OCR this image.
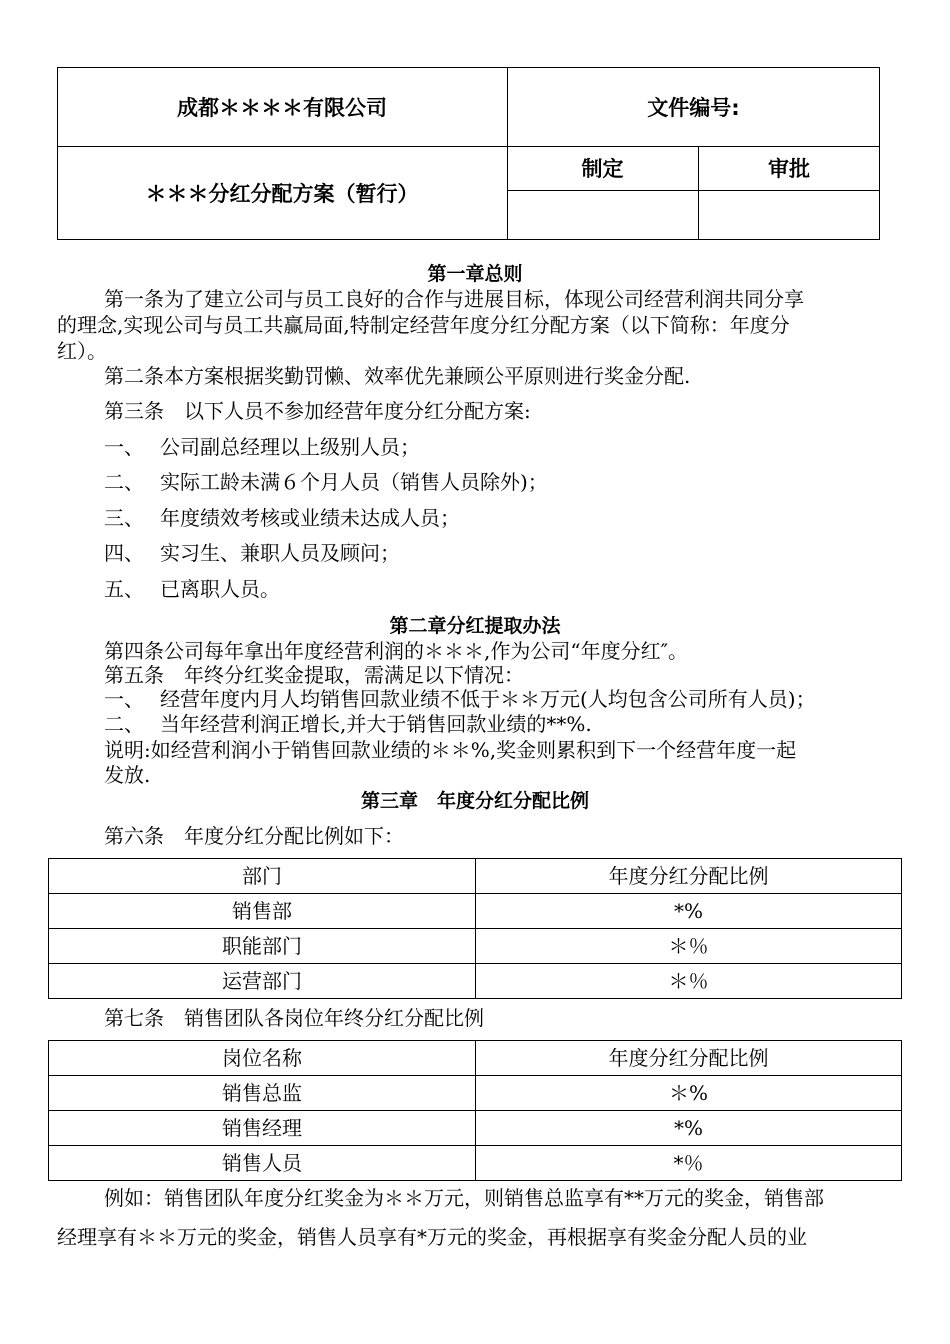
成都＊＊＊＊有限公司	文件编号:
＊＊＊分红分配方案（暂行）
制定	审批
第一章总则
第一条为了建立公司与员工良好的合作与进展目标，体现公司经营利润共同分享
的理念,实现公司与员工共赢局面,特制定经营年度分红分配方案（以下简称：年度分
红）。
第二条本方案根据奖勤罚懒、效率优先兼顾公平原则进行奖金分配.
第三条　以下人员不参加经营年度分红分配方案:
一、 公司副总经理以上级别人员；
二、 实际工龄未满６个月人员（销售人员除外)；
三、 年度绩效考核或业绩未达成人员；
四、 实习生、兼职人员及顾问；
五、 已离职人员。
第二章分红提取办法
第四条公司每年拿出年度经营利润的＊＊＊,作为公司“年度分红″。
第五条　年终分红奖金提取，需满足以下情况：
一、 经营年度内月人均销售回款业绩不低于＊＊万元(人均包含公司所有人员)；
二、 当年经营利润正增长,并大于销售回款业绩的**%.
说明:如经营利润小于销售回款业绩的＊＊%,奖金则累积到下一个经营年度一起
发放.
第三章　年度分红分配比例
第六条　年度分红分配比例如下：
部门	年度分红分配比例
销售部	*%
职能部门	＊％
运营部门	＊％
第七条　销售团队各岗位年终分红分配比例
岗位名称	年度分红分配比例
销售总监	＊%
销售经理	*%
销售人员	*％
例如：销售团队年度分红奖金为＊＊万元，则销售总监享有**万元的奖金，销售部
经理享有＊＊万元的奖金，销售人员享有*万元的奖金，再根据享有奖金分配人员的业
